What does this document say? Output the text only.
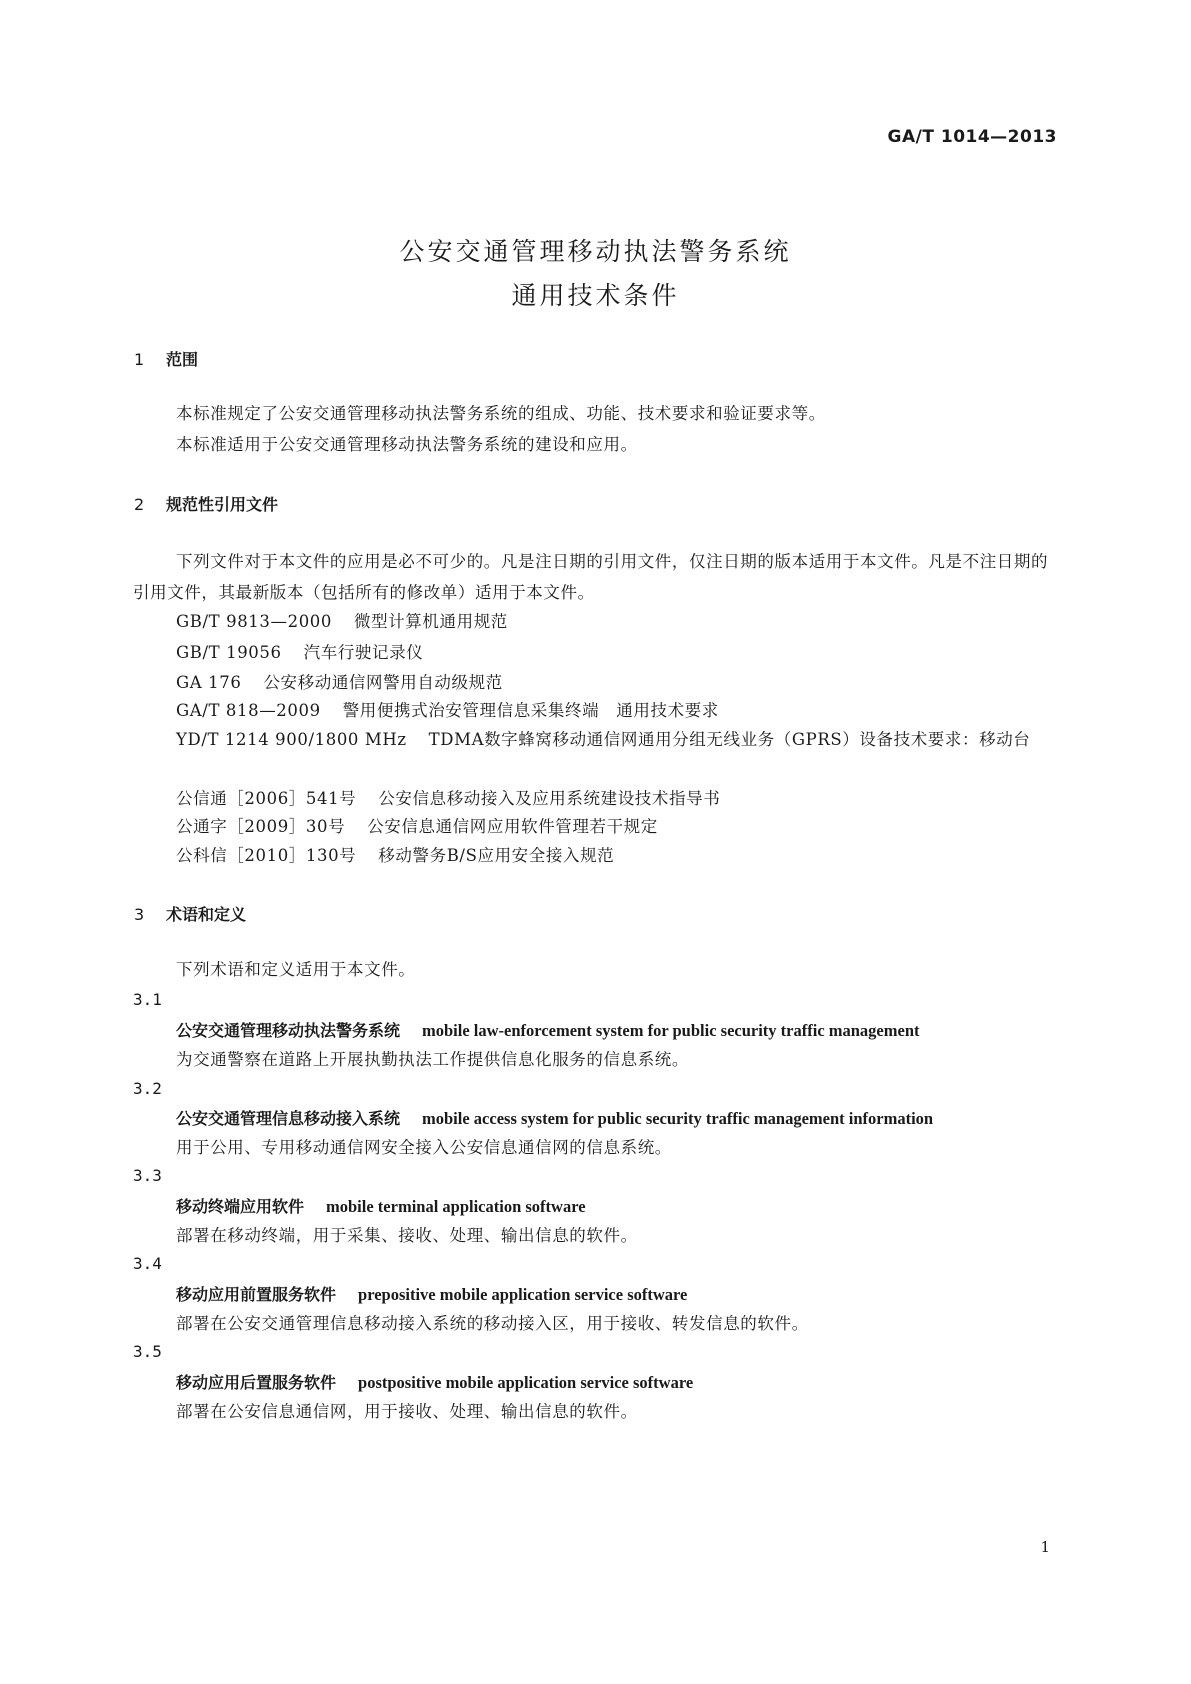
GA/T 1014—2013
公安交通管理移动执法警务系统
通用技术条件
1 范围
本标准规定了公安交通管理移动执法警务系统的组成、功能、技术要求和验证要求等。
本标准适用于公安交通管理移动执法警务系统的建设和应用。
2 规范性引用文件
下列文件对于本文件的应用是必不可少的。凡是注日期的引用文件，仅注日期的版本适用于本文件。凡是不注日期的引用文件，其最新版本（包括所有的修改单）适用于本文件。
GB/T 9813—2000 微型计算机通用规范
GB/T 19056 汽车行驶记录仪
GA 176 公安移动通信网警用自动级规范
GA/T 818—2009 警用便携式治安管理信息采集终端　通用技术要求
YD/T 1214 900/1800 MHz TDMA数字蜂窝移动通信网通用分组无线业务（GPRS）设备技术要求：移动台
公信通［2006］541号 公安信息移动接入及应用系统建设技术指导书
公通字［2009］30号 公安信息通信网应用软件管理若干规定
公科信［2010］130号 移动警务B/S应用安全接入规范
3 术语和定义
下列术语和定义适用于本文件。
3.1
公安交通管理移动执法警务系统 mobile law-enforcement system for public security traffic management
为交通警察在道路上开展执勤执法工作提供信息化服务的信息系统。
3.2
公安交通管理信息移动接入系统 mobile access system for public security traffic management information
用于公用、专用移动通信网安全接入公安信息通信网的信息系统。
3.3
移动终端应用软件 mobile terminal application software
部署在移动终端，用于采集、接收、处理、输出信息的软件。
3.4
移动应用前置服务软件 prepositive mobile application service software
部署在公安交通管理信息移动接入系统的移动接入区，用于接收、转发信息的软件。
3.5
移动应用后置服务软件 postpositive mobile application service software
部署在公安信息通信网，用于接收、处理、输出信息的软件。
1
